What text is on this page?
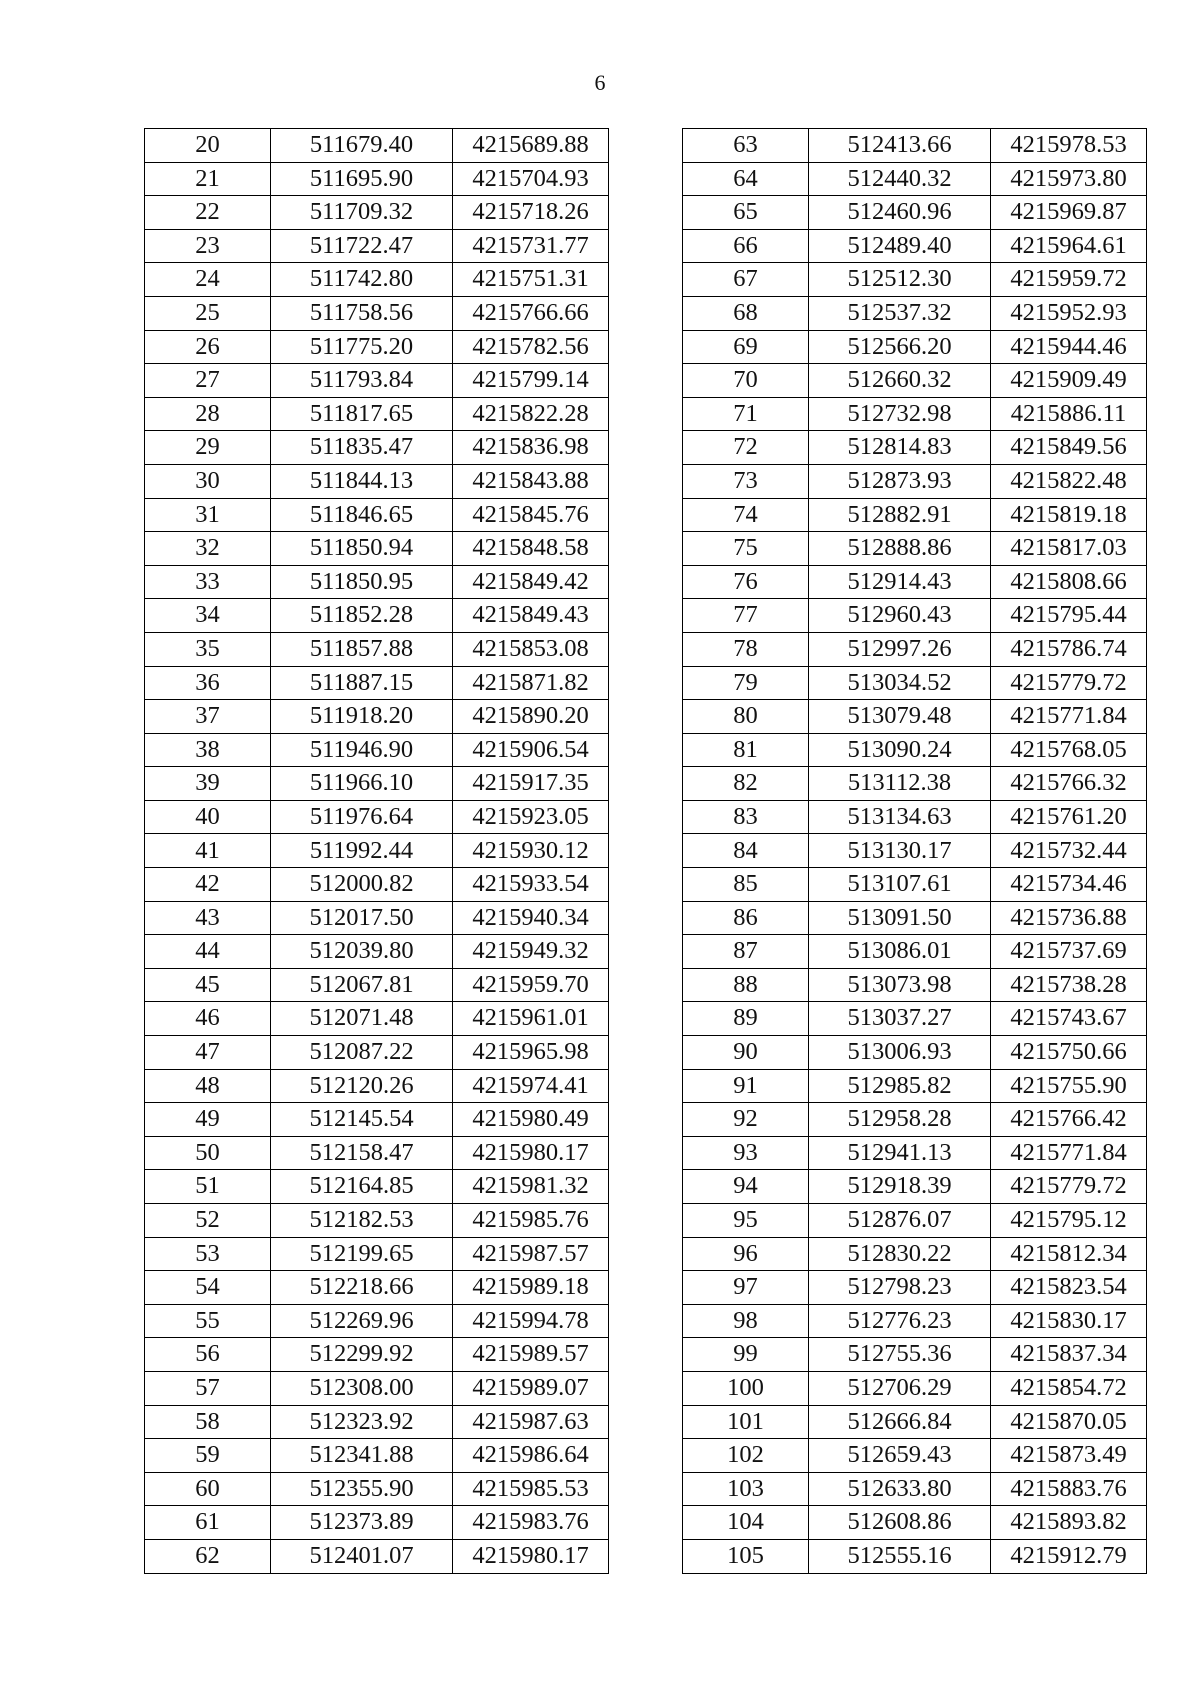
6
20	511679.40	4215689.88
21	511695.90	4215704.93
22	511709.32	4215718.26
23	511722.47	4215731.77
24	511742.80	4215751.31
25	511758.56	4215766.66
26	511775.20	4215782.56
27	511793.84	4215799.14
28	511817.65	4215822.28
29	511835.47	4215836.98
30	511844.13	4215843.88
31	511846.65	4215845.76
32	511850.94	4215848.58
33	511850.95	4215849.42
34	511852.28	4215849.43
35	511857.88	4215853.08
36	511887.15	4215871.82
37	511918.20	4215890.20
38	511946.90	4215906.54
39	511966.10	4215917.35
40	511976.64	4215923.05
41	511992.44	4215930.12
42	512000.82	4215933.54
43	512017.50	4215940.34
44	512039.80	4215949.32
45	512067.81	4215959.70
46	512071.48	4215961.01
47	512087.22	4215965.98
48	512120.26	4215974.41
49	512145.54	4215980.49
50	512158.47	4215980.17
51	512164.85	4215981.32
52	512182.53	4215985.76
53	512199.65	4215987.57
54	512218.66	4215989.18
55	512269.96	4215994.78
56	512299.92	4215989.57
57	512308.00	4215989.07
58	512323.92	4215987.63
59	512341.88	4215986.64
60	512355.90	4215985.53
61	512373.89	4215983.76
62	512401.07	4215980.17
63	512413.66	4215978.53
64	512440.32	4215973.80
65	512460.96	4215969.87
66	512489.40	4215964.61
67	512512.30	4215959.72
68	512537.32	4215952.93
69	512566.20	4215944.46
70	512660.32	4215909.49
71	512732.98	4215886.11
72	512814.83	4215849.56
73	512873.93	4215822.48
74	512882.91	4215819.18
75	512888.86	4215817.03
76	512914.43	4215808.66
77	512960.43	4215795.44
78	512997.26	4215786.74
79	513034.52	4215779.72
80	513079.48	4215771.84
81	513090.24	4215768.05
82	513112.38	4215766.32
83	513134.63	4215761.20
84	513130.17	4215732.44
85	513107.61	4215734.46
86	513091.50	4215736.88
87	513086.01	4215737.69
88	513073.98	4215738.28
89	513037.27	4215743.67
90	513006.93	4215750.66
91	512985.82	4215755.90
92	512958.28	4215766.42
93	512941.13	4215771.84
94	512918.39	4215779.72
95	512876.07	4215795.12
96	512830.22	4215812.34
97	512798.23	4215823.54
98	512776.23	4215830.17
99	512755.36	4215837.34
100	512706.29	4215854.72
101	512666.84	4215870.05
102	512659.43	4215873.49
103	512633.80	4215883.76
104	512608.86	4215893.82
105	512555.16	4215912.79
